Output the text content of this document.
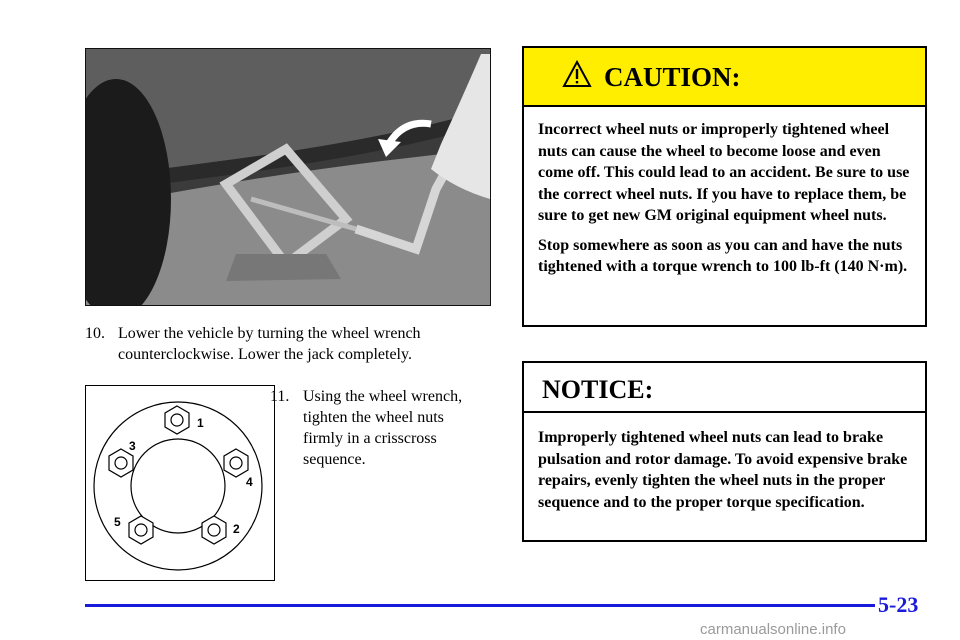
10. Lower the vehicle by turning the wheel wrench counterclockwise. Lower the jack completely.
1
2
3
4
5
11. Using the wheel wrench, tighten the wheel nuts firmly in a crisscross sequence.
CAUTION:

Incorrect wheel nuts or improperly tightened wheel nuts can cause the wheel to become loose and even come off. This could lead to an accident. Be sure to use the correct wheel nuts. If you have to replace them, be sure to get new GM original equipment wheel nuts.

Stop somewhere as soon as you can and have the nuts tightened with a torque wrench to 100 lb-ft (140 N·m).

NOTICE:
Improperly tightened wheel nuts can lead to brake pulsation and rotor damage. To avoid expensive brake repairs, evenly tighten the wheel nuts in the proper sequence and to the proper torque specification.
5-23
carmanualsonline.info
